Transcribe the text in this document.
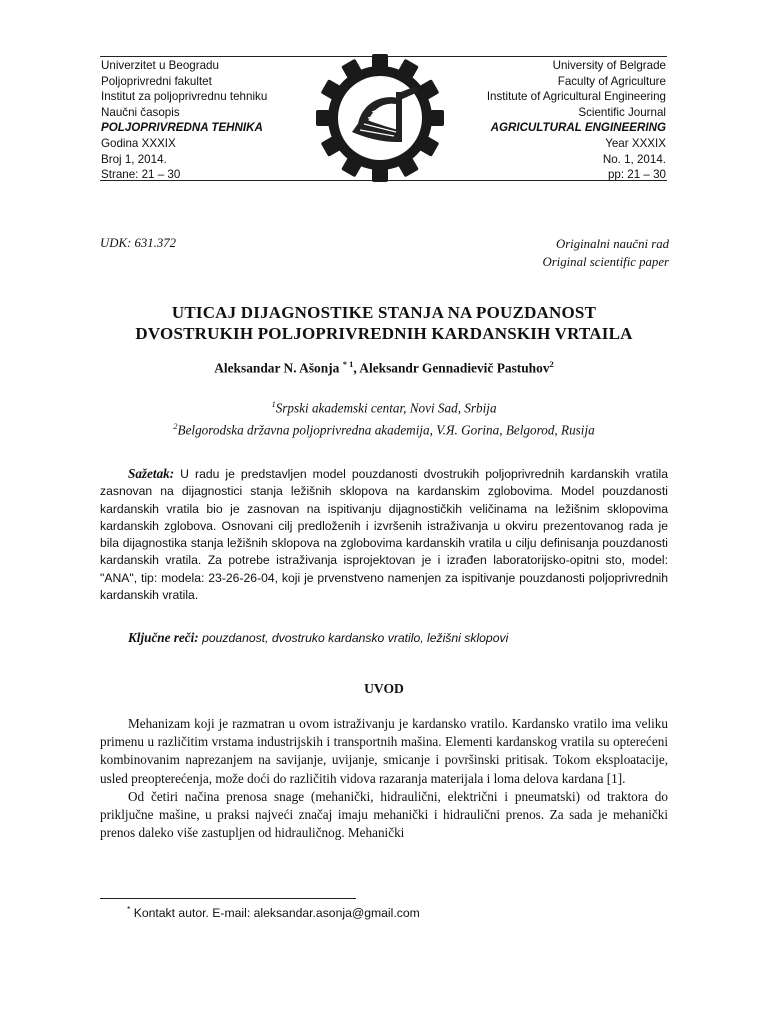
Univerzitet u Beogradu
Poljoprivredni fakultet
Institut za poljoprivrednu tehniku
Naučni časopis
POLJOPRIVREDNA TEHNIKA
Godina XXXIX
Broj 1, 2014.
Strane: 21 – 30
University of Belgrade
Faculty of Agriculture
Institute of Agricultural Engineering
Scientific Journal
AGRICULTURAL ENGINEERING
Year XXXIX
No. 1, 2014.
pp: 21 – 30
UDK: 631.372	Originalni naučni rad
Original scientific paper
UTICAJ DIJAGNOSTIKE STANJA NA POUZDANOST
DVOSTRUKIH POLJOPRIVREDNIH KARDANSKIH VRTAILA
Aleksandar N. Ašonja $^{* 1}$, Aleksandr Gennadievič Pastuhov$^2$
$^1$Srpski akademski centar, Novi Sad, Srbija
$^2$Belgorodska državna poljoprivredna akademija, V.Я. Gorina, Belgorod, Rusija
Sažetak: U radu je predstavljen model pouzdanosti dvostrukih poljoprivrednih kardanskih vratila zasnovan na dijagnostici stanja ležišnih sklopova na kardanskim zglobovima. Model pouzdanosti kardanskih vratila bio je zasnovan na ispitivanju dijagnostičkih veličinama na ležišnim sklopovima kardanskih zglobova. Osnovani cilj predloženih i izvršenih istraživanja u okviru prezentovanog rada je bila dijagnostika stanja ležišnih sklopova na zglobovima kardanskih vratila u cilju definisanja pouzdanosti kardanskih vratila. Za potrebe istraživanja isprojektovan je i izrađen laboratorijsko-opitni sto, model: "ANA", tip: modela: 23-26-26-04, koji je prvenstveno namenjen za ispitivanje pouzdanosti poljoprivrednih kardanskih vratila.
Ključne reči: pouzdanost, dvostruko kardansko vratilo, ležišni sklopovi
UVOD

Mehanizam koji je razmatran u ovom istraživanju je kardansko vratilo. Kardansko vratilo ima veliku primenu u različitim vrstama industrijskih i transportnih mašina. Elementi kardanskog vratila su opterećeni kombinovanim naprezanjem na savijanje, uvijanje, smicanje i površinski pritisak. Tokom eksploatacije, usled preopterećenja, može doći do različitih vidova razaranja materijala i loma delova kardana [1].

Od četiri načina prenosa snage (mehanički, hidraulični, električni i pneumatski) od traktora do priključne mašine, u praksi najveći značaj imaju mehanički i hidraulični prenos. Za sada je mehanički prenos daleko više zastupljen od hidrauličnog. Mehanički

* Kontakt autor. E-mail: aleksandar.asonja@gmail.com
